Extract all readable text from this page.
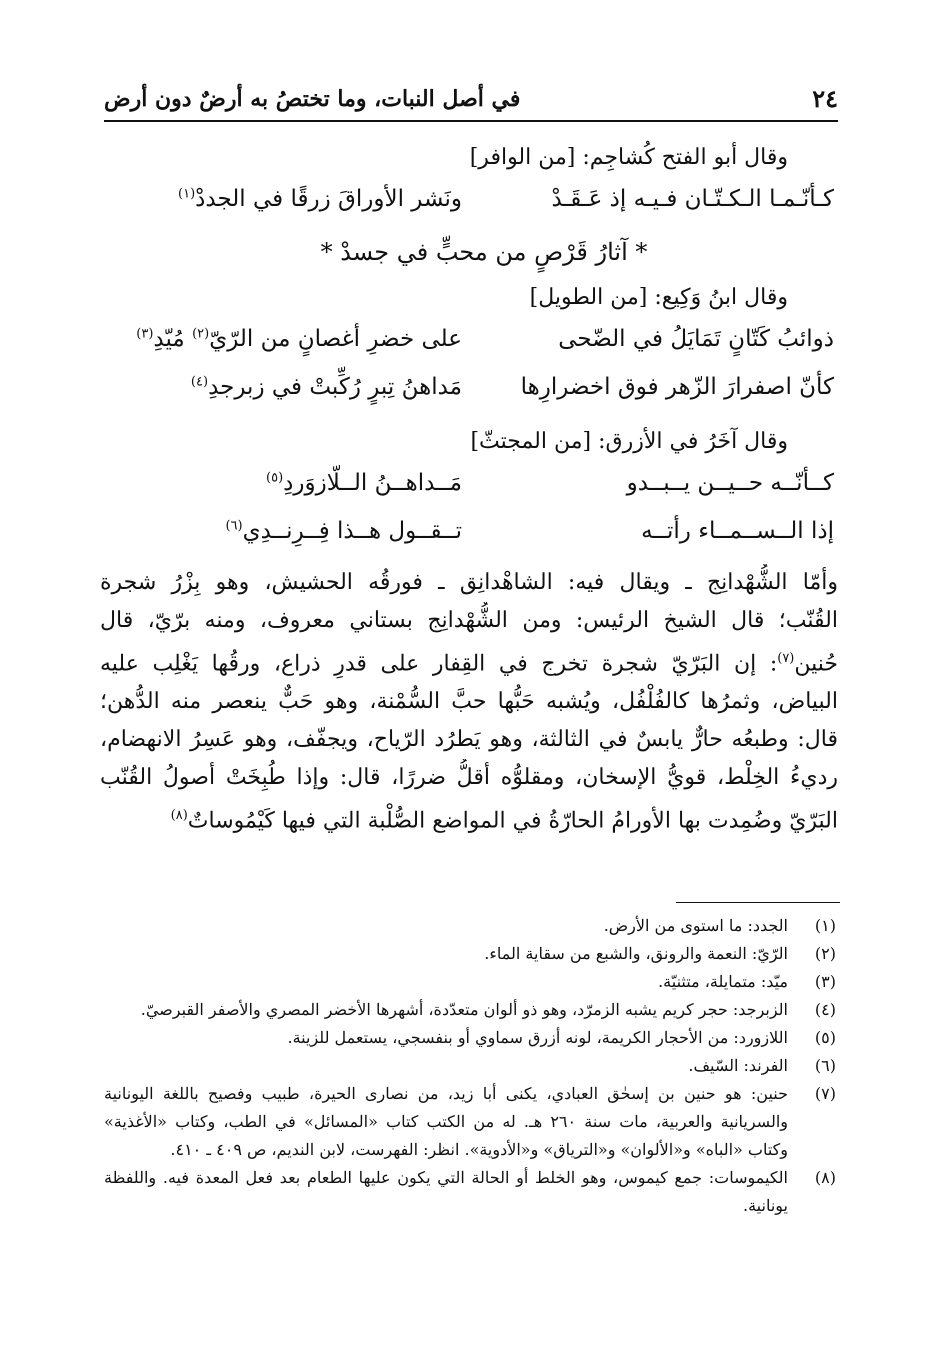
٢٤
في أصل النبات، وما تختصُ به أرضٌ دون أرض
وقال أبو الفتح كُشاجِم: [من الوافر]
كـأنّـمـا الـكـتّـان فـيـه إذ عَـقَـدْ
ونَشر الأوراقَ زرقًا في الجددْ$^{(١)}$
* آثارُ قَرْصٍ من محبٍّ في جسدْ *
وقال ابنُ وَكِيع: [من الطويل]
ذوائبُ كَتّانٍ تَمَايَلُ في الضّحى
على خضرِ أغصانٍ من الرّيّ$^{(٢)}$ مُيّدِ$^{(٣)}$
كأنّ اصفرارَ الزّهر فوق اخضرارِها
مَداهنُ تِبرٍ رُكِّبتْ في زبرجدِ$^{(٤)}$
وقال آخَرُ في الأزرق: [من المجتثّ]
كــأنّــه حــيــن يــبــدو
مَــداهــنُ الــلّازوَردِ$^{(٥)}$
إذا الــســمــاء رأتــه
تــقــول هــذا فِــرِنــدِي$^{(٦)}$
وأمّا الشُّهْدانِج ـ ويقال فيه: الشاهْدانِق ـ فورقُه الحشيش، وهو بِزْرُ شجرة
القُنّب؛ قال الشيخ الرئيس: ومن الشُّهْدانِج بستاني معروف، ومنه برّيّ، قال
حُنين$^{(٧)}$: إن البَرّيّ شجرة تخرج في القِفار على قدرِ ذراع، ورقُها يَغْلِب عليه
البياض، وثمرُها كالفُلْفُل، ويُشبه حَبُّها حبَّ السُّمْنة، وهو حَبٌّ ينعصر منه الدُّهن؛
قال: وطبعُه حارٌّ يابسٌ في الثالثة، وهو يَطرُد الرّياح، ويجفّف، وهو عَسِرُ الانهضام،
رديءُ الخِلْط، قويُّ الإسخان، ومقلوُّه أقلُّ ضررًا، قال: وإذا طُبِخَتْ أصولُ القُنّب
البَرّيّ وضُمِدت بها الأورامُ الحارّةُ في المواضع الصُّلْبة التي فيها كَيْمُوساتٌ$^{(٨)}$
(١)
الجدد: ما استوى من الأرض.
(٢)
الرّيّ: النعمة والرونق، والشبع من سقاية الماء.
(٣)
ميّد: متمايلة، متثنيّة.
(٤)
الزبرجد: حجر كريم يشبه الزمرّد، وهو ذو ألوان متعدّدة، أشهرها الأخضر المصري والأصفر القبرصيّ.
(٥)
اللازورد: من الأحجار الكريمة، لونه أزرق سماوي أو بنفسجي، يستعمل للزينة.
(٦)
الفرند: السّيف.
(٧)
حنين: هو حنين بن إسحٰق العبادي، يكنى أبا زيد، من نصارى الحيرة، طبيب وفصيح باللغة اليونانية والسريانية والعربية، مات سنة ٢٦٠ هـ. له من الكتب كتاب «المسائل» في الطب، وكتاب «الأغذية» وكتاب «الباه» و«الألوان» و«الترياق» و«الأدوية». انظر: الفهرست، لابن النديم، ص ٤٠٩ ـ ٤١٠.
(٨)
الكيموسات: جمع كيموس، وهو الخلط أو الحالة التي يكون عليها الطعام بعد فعل المعدة فيه. واللفظة يونانية.
